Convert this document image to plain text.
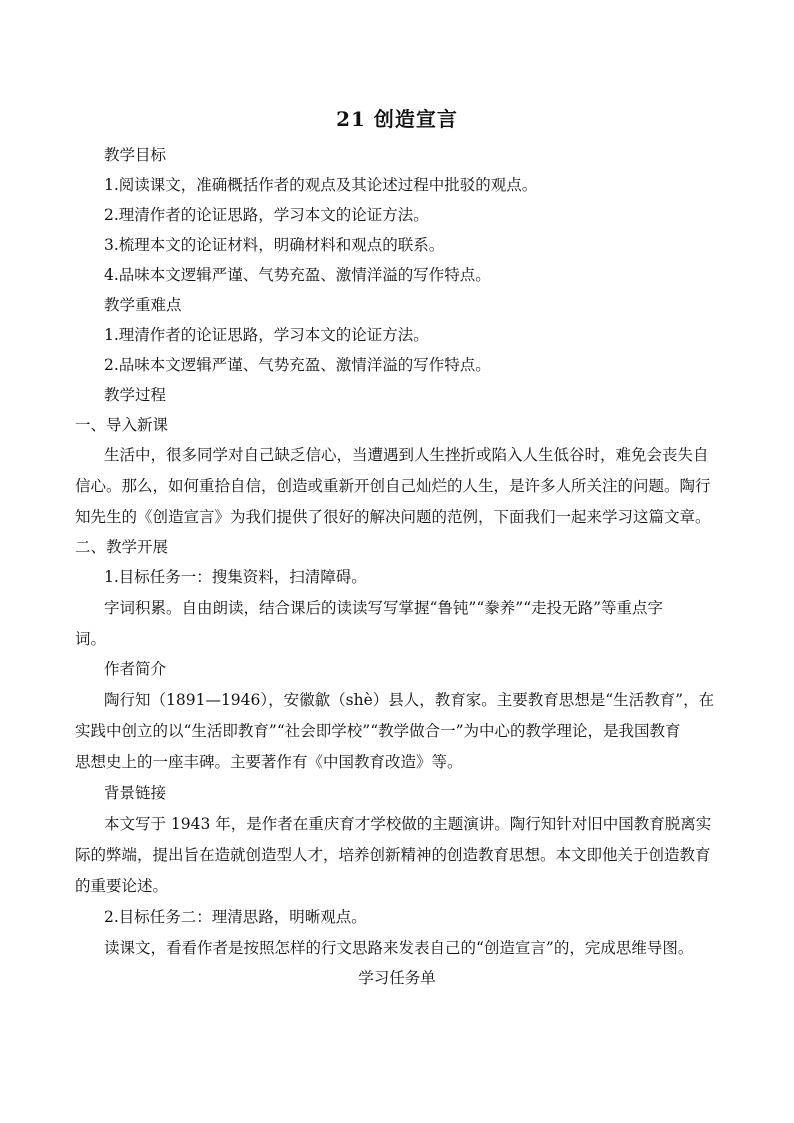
21 创造宣言
教学目标
1.阅读课文，准确概括作者的观点及其论述过程中批驳的观点。
2.理清作者的论证思路，学习本文的论证方法。
3.梳理本文的论证材料，明确材料和观点的联系。
4.品味本文逻辑严谨、气势充盈、激情洋溢的写作特点。
教学重难点
1.理清作者的论证思路，学习本文的论证方法。
2.品味本文逻辑严谨、气势充盈、激情洋溢的写作特点。
教学过程
一、导入新课
生活中，很多同学对自己缺乏信心，当遭遇到人生挫折或陷入人生低谷时，难免会丧失自
信心。那么，如何重拾自信，创造或重新开创自己灿烂的人生，是许多人所关注的问题。陶行
知先生的《创造宣言》为我们提供了很好的解决问题的范例，下面我们一起来学习这篇文章。
二、教学开展
1.目标任务一：搜集资料，扫清障碍。
字词积累。自由朗读，结合课后的读读写写掌握“鲁钝”“豢养”“走投无路”等重点字
词。
作者简介
陶行知（1891—1946），安徽歙（shè）县人，教育家。主要教育思想是“生活教育”，在
实践中创立的以“生活即教育”“社会即学校”“教学做合一”为中心的教学理论，是我国教育
思想史上的一座丰碑。主要著作有《中国教育改造》等。
背景链接
本文写于 1943 年，是作者在重庆育才学校做的主题演讲。陶行知针对旧中国教育脱离实
际的弊端，提出旨在造就创造型人才，培养创新精神的创造教育思想。本文即他关于创造教育
的重要论述。
2.目标任务二：理清思路，明晰观点。
读课文，看看作者是按照怎样的行文思路来发表自己的“创造宣言”的，完成思维导图。
学习任务单
